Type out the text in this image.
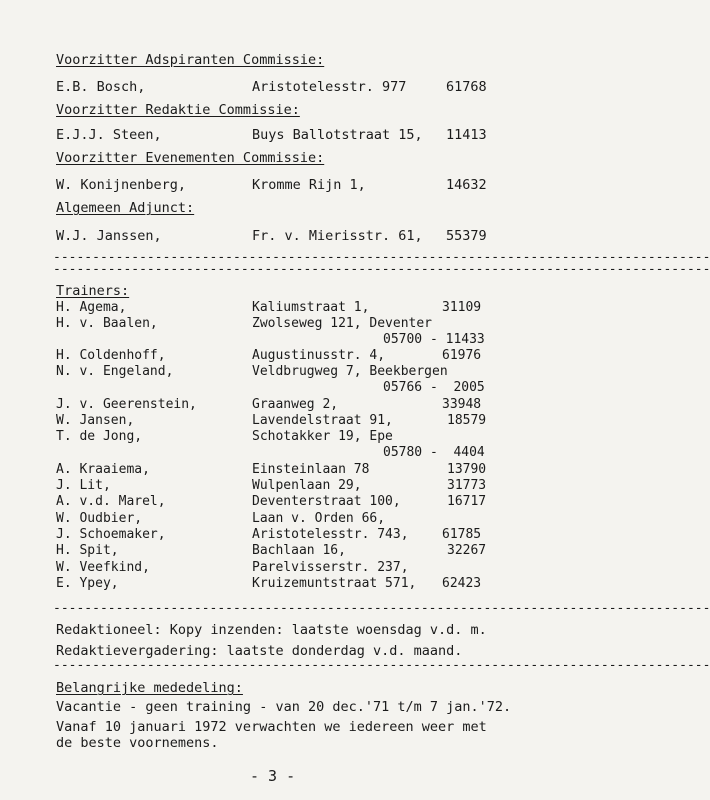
Voorzitter Adspiranten Commissie:
E.B. Bosch,	Aristotelesstr. 977	61768
Voorzitter Redaktie Commissie:
E.J.J. Steen,	Buys Ballotstraat 15, 11413
Voorzitter Evenementen Commissie:
W. Konijnenberg,	Kromme Rijn 1,	14632
Algemeen Adjunct:
W.J. Janssen,	Fr. v. Mierisstr. 61, 55379
------------------------------------------------------------------------------------
------------------------------------------------------------------------------------
Trainers:
H. Agema,	Kaliumstraat 1,	31109
H. v. Baalen,	Zwolseweg 121, Deventer
05700 - 11433
H. Coldenhoff,	Augustinusstr. 4,	61976
N. v. Engeland,	Veldbrugweg 7, Beekbergen
05766 -  2005
J. v. Geerenstein,	Graanweg 2,	33948
W. Jansen,	Lavendelstraat 91,	18579
T. de Jong,	Schotakker 19, Epe
05780 -  4404
A. Kraaiema,	Einsteinlaan 78	13790
J. Lit,	Wulpenlaan 29,	31773
A. v.d. Marel,	Deventerstraat 100,	16717
W. Oudbier,	Laan v. Orden 66,
J. Schoemaker,	Aristotelesstr. 743,	61785
H. Spit,	Bachlaan 16,	32267
W. Veefkind,	Parelvisserstr. 237,
E. Ypey,	Kruizemuntstraat 571, 62423
------------------------------------------------------------------------------------
Redaktioneel: Kopy inzenden: laatste woensdag v.d. m.
Redaktievergadering: laatste donderdag v.d. maand.
------------------------------------------------------------------------------------
Belangrijke mededeling:
Vacantie - geen training - van 20 dec.'71 t/m 7 jan.'72.
Vanaf 10 januari 1972 verwachten we iedereen weer met
de beste voornemens.
- 3 -
